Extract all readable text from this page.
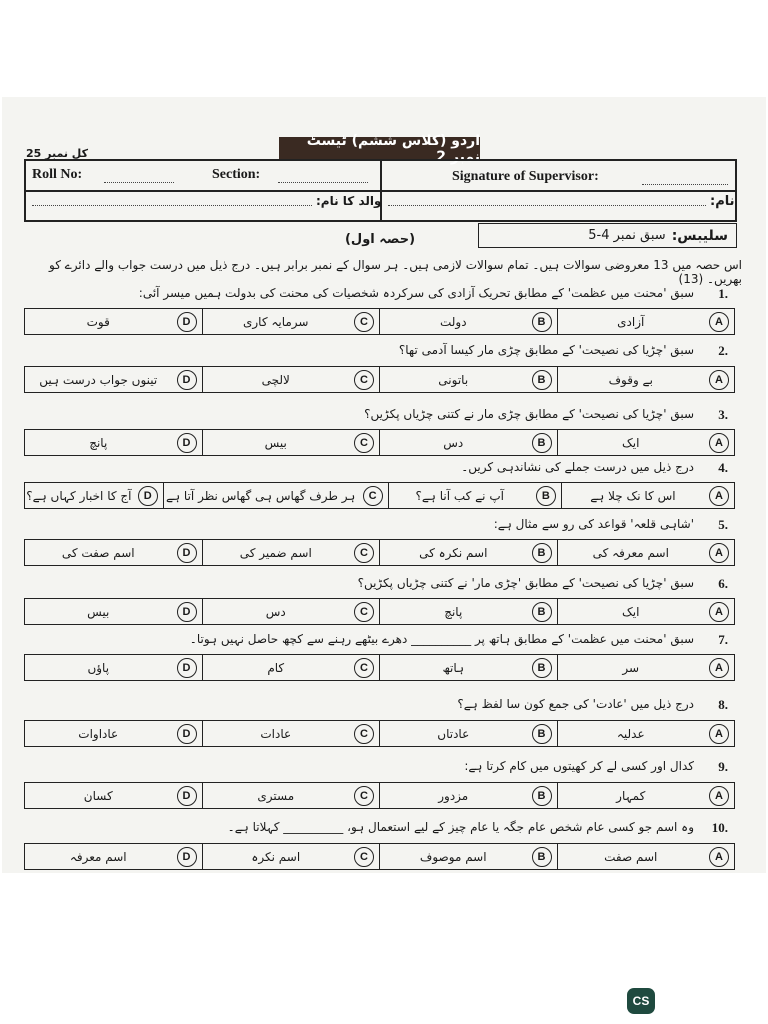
اردو (کلاس ششم) ٹیسٹ نمبر 2
کل نمبر 25
Roll No:	Section:	Signature of Supervisor:
والد کا نام:	نام:
سلیبس:
سبق نمبر 4-5
(حصہ اول)
اس حصہ میں 13 معروضی سوالات ہیں۔ تمام سوالات لازمی ہیں۔ ہر سوال کے نمبر برابر ہیں۔ درج ذیل میں درست جواب والے دائرے کو بھریں۔ (13)
1.
سبق 'محنت میں عظمت' کے مطابق تحریک آزادی کی سرکردہ شخصیات کی محنت کی بدولت ہمیں میسر آئی:
A
آزادی
B
دولت
C
سرمایہ کاری
D
قوت
2.
سبق 'چڑیا کی نصیحت' کے مطابق چڑی مار کیسا آدمی تھا؟
A
بے وقوف
B
باتونی
C
لالچی
D
تینوں جواب درست ہیں
3.
سبق 'چڑیا کی نصیحت' کے مطابق چڑی مار نے کتنی چڑیاں پکڑیں؟
A
ایک
B
دس
C
بیس
D
پانچ
4.
درج ذیل میں درست جملے کی نشاندہی کریں۔
A
اس کا نک چلا ہے
B
آپ نے کب آنا ہے؟
C
ہر طرف گھاس ہی گھاس نظر آتا ہے
D
آج کا اخبار کہاں ہے؟
5.
'شاہی قلعہ' قواعد کی رو سے مثال ہے:
A
اسم معرفہ کی
B
اسم نکرہ کی
C
اسم ضمیر کی
D
اسم صفت کی
6.
سبق 'چڑیا کی نصیحت' کے مطابق 'چڑی مار' نے کتنی چڑیاں پکڑیں؟
A
ایک
B
پانچ
C
دس
D
بیس
7.
سبق 'محنت میں عظمت' کے مطابق ہاتھ پر __________ دھرے بیٹھے رہنے سے کچھ حاصل نہیں ہوتا۔
A
سر
B
ہاتھ
C
کام
D
پاؤں
8.
درج ذیل میں 'عادت' کی جمع کون سا لفظ ہے؟
A
عدلیہ
B
عادتاں
C
عادات
D
عاداوات
9.
کدال اور کسی لے کر کھیتوں میں کام کرتا ہے:
A
کمہار
B
مزدور
C
مستری
D
کسان
10.
وہ اسم جو کسی عام شخص عام جگہ یا عام چیز کے لیے استعمال ہو، __________ کہلاتا ہے۔
A
اسم صفت
B
اسم موصوف
C
اسم نکرہ
D
اسم معرفہ
CS
